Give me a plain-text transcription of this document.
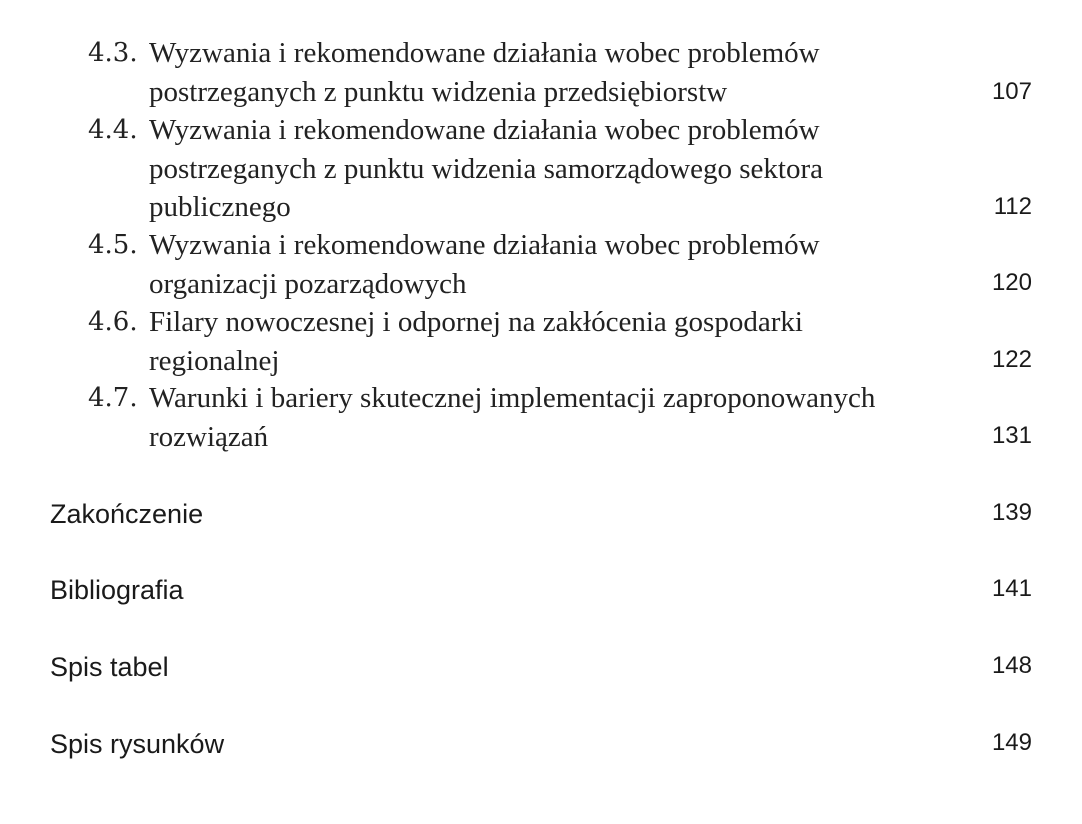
4.3. Wyzwania i rekomendowane działania wobec problemów
postrzeganych z punktu widzenia przedsiębiorstw	107
4.4. Wyzwania i rekomendowane działania wobec problemów
postrzeganych z punktu widzenia samorządowego sektora
publicznego	112
4.5. Wyzwania i rekomendowane działania wobec problemów
organizacji pozarządowych	120
4.6. Filary nowoczesnej i odpornej na zakłócenia gospodarki
regionalnej	122
4.7. Warunki i bariery skutecznej implementacji zaproponowanych
rozwiązań	131
Zakończenie	139
Bibliografia	141
Spis tabel	148
Spis rysunków	149
